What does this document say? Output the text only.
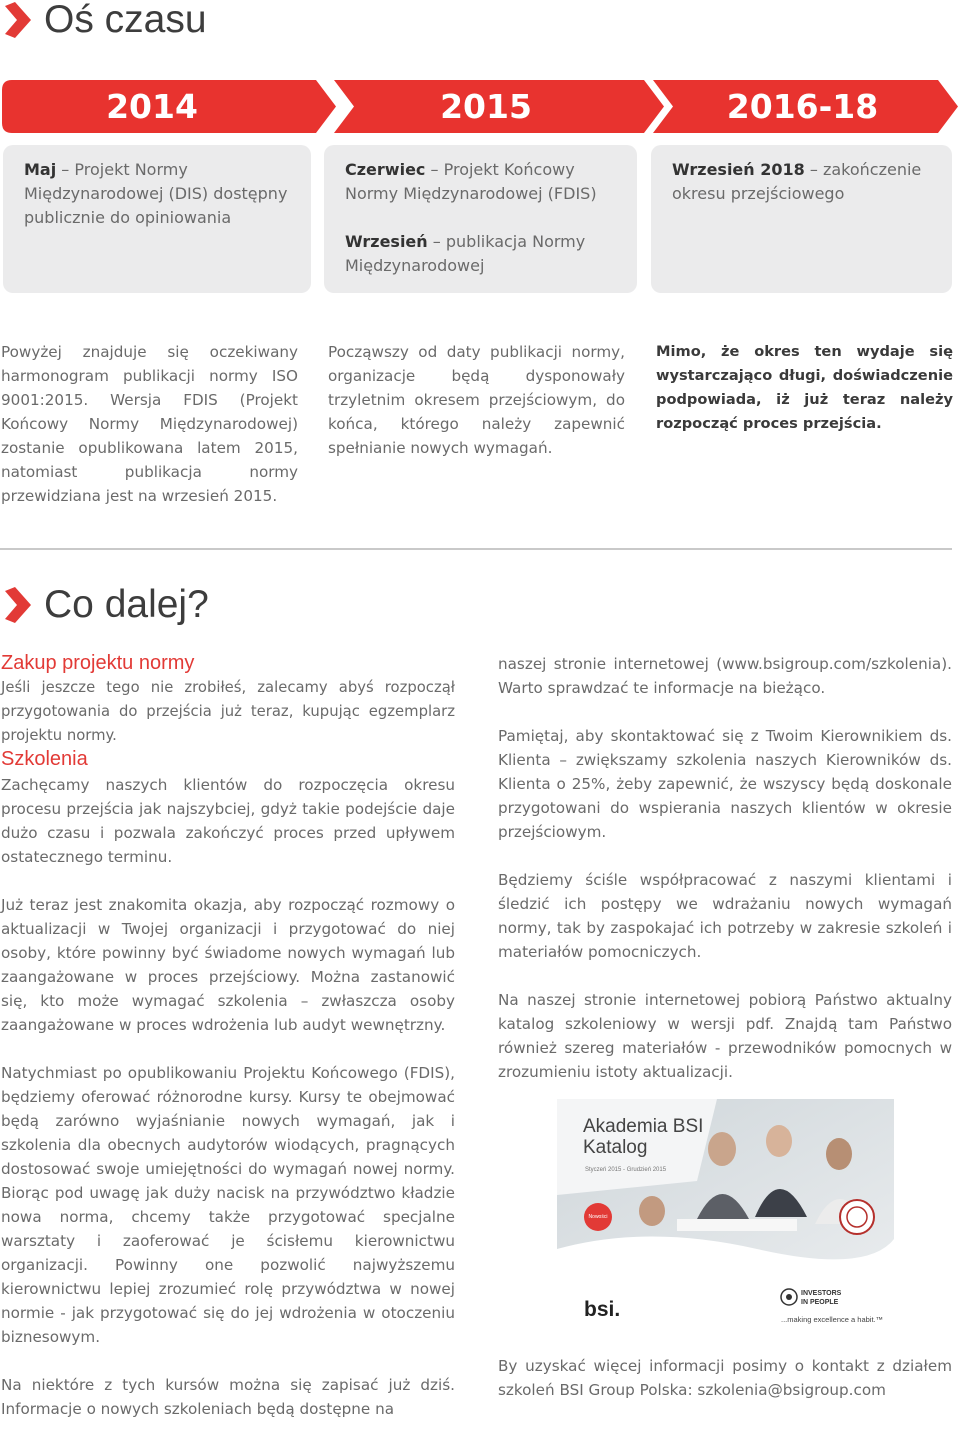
Oś czasu
2014	2015	2016-18

Maj – Projekt Normy Międzynarodowej (DIS) dostępny publicznie do opiniowania

Czerwiec – Projekt Końcowy Normy Międzynarodowej (FDIS)

Wrzesień – publikacja Normy Międzynarodowej

Wrzesień 2018 – zakończenie okresu przejściowego

Powyżej znajduje się oczekiwany harmonogram publikacji normy ISO 9001:2015. Wersja FDIS (Projekt Końcowy Normy Międzynarodowej) zostanie opublikowana latem 2015, natomiast publikacja normy przewidziana jest na wrzesień 2015.
Począwszy od daty publikacji normy, organizacje będą dysponowały trzyletnim okresem przejściowym, do końca, którego należy zapewnić spełnianie nowych wymagań.
Mimo, że okres ten wydaje się wystarczająco długi, doświadczenie podpowiada, iż już teraz należy rozpocząć proces przejścia.
Co dalej?
Zakup projektu normy
Jeśli jeszcze tego nie zrobiłeś, zalecamy abyś rozpoczął przygotowania do przejścia już teraz, kupując egzemplarz projektu normy.
Szkolenia

Zachęcamy naszych klientów do rozpoczęcia okresu procesu przejścia jak najszybciej, gdyż takie podejście daje dużo czasu i pozwala zakończyć proces przed upływem ostatecznego terminu.

Już teraz jest znakomita okazja, aby rozpocząć rozmowy o aktualizacji w Twojej organizacji i przygotować do niej osoby, które powinny być świadome nowych wymagań lub zaangażowane w proces przejściowy. Można zastanowić się, kto może wymagać szkolenia – zwłaszcza osoby zaangażowane w proces wdrożenia lub audyt wewnętrzny.

Natychmiast po opublikowaniu Projektu Końcowego (FDIS), będziemy oferować różnorodne kursy. Kursy te obejmować będą zarówno wyjaśnianie nowych wymagań, jak i szkolenia dla obecnych audytorów wiodących, pragnących dostosować swoje umiejętności do wymagań nowej normy. Biorąc pod uwagę jak duży nacisk na przywództwo kładzie nowa norma, chcemy także przygotować specjalne warsztaty i zaoferować je ścisłemu kierownictwu organizacji. Powinny one pozwolić najwyższemu kierownictwu lepiej zrozumieć rolę przywództwa w nowej normie - jak przygotować się do jej wdrożenia w otoczeniu biznesowym.

Na niektóre z tych kursów można się zapisać już dziś. Informacje o nowych szkoleniach będą dostępne na

naszej stronie internetowej (www.bsigroup.com/szkolenia). Warto sprawdzać te informacje na bieżąco.

Pamiętaj, aby skontaktować się z Twoim Kierownikiem ds. Klienta – zwiększamy szkolenia naszych Kierowników ds. Klienta o 25%, żeby zapewnić, że wszyscy będą doskonale przygotowani do wspierania naszych klientów w okresie przejściowym.

Będziemy ściśle współpracować z naszymi klientami i śledzić ich postępy we wdrażaniu nowych wymagań normy, tak by zaspokajać ich potrzeby w zakresie szkoleń i materiałów pomocniczych.

Na naszej stronie internetowej pobiorą Państwo aktualny katalog szkoleniowy w wersji pdf. Znajdą tam Państwo również szereg materiałów - przewodników pomocnych w zrozumieniu istoty aktualizacji.

Akademia BSI
Katalog
Styczeń 2015 - Grudzień 2015
Nowości
bsi.
INVESTORS
IN PEOPLE
...making excellence a habit.™
By uzyskać więcej informacji posimy o kontakt z działem szkoleń BSI Group Polska: szkolenia@bsigroup.com
